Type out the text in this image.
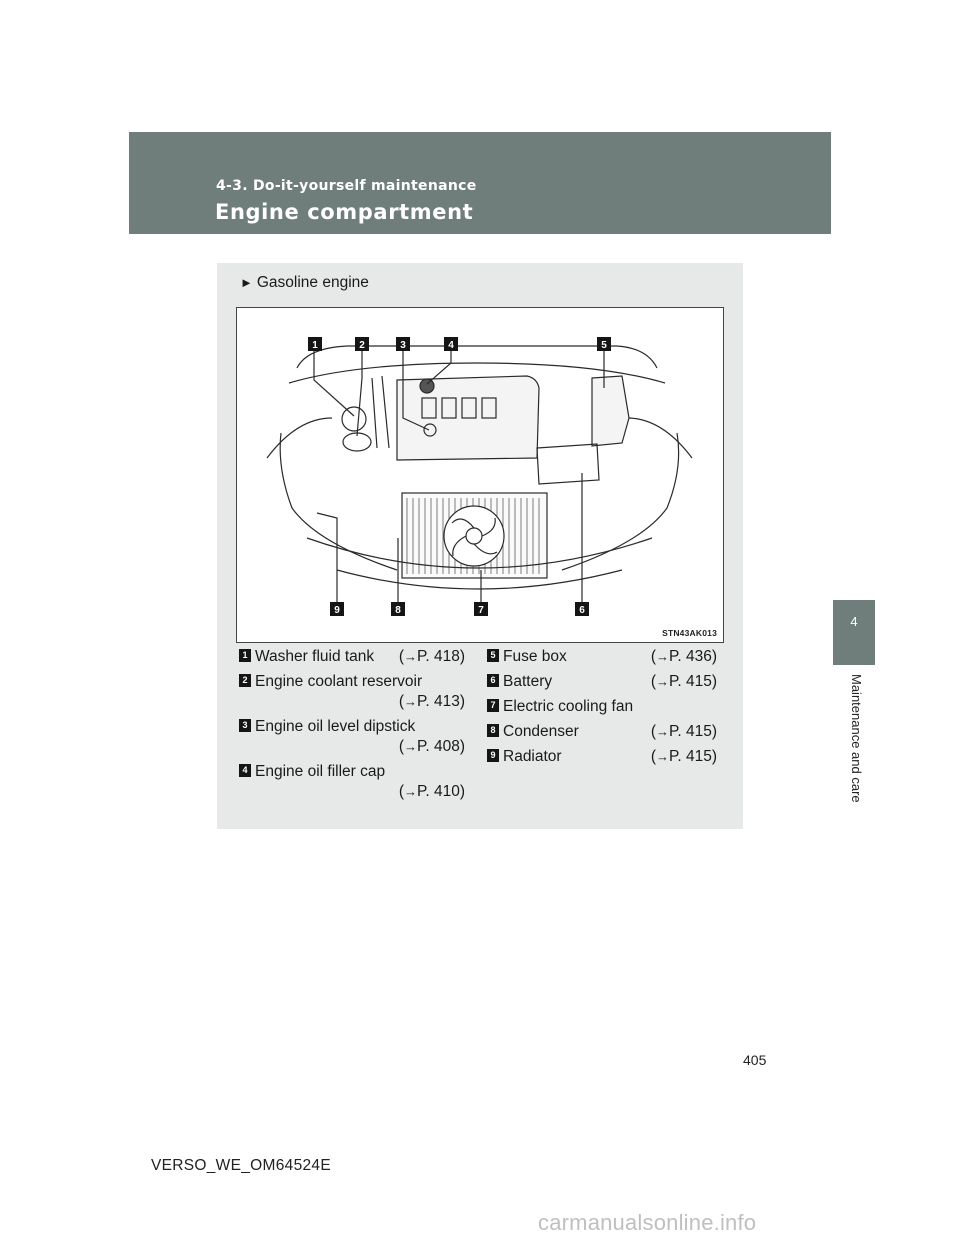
4-3. Do-it-yourself maintenance
Engine compartment
4
Maintenance and care
► Gasoline engine
1	2	3	4	5
6
7
8
9
STN43AK013
1 Washer fluid tank (→P. 418)
2 Engine coolant reservoir
(→P. 413)
3 Engine oil level dipstick
(→P. 408)
4 Engine oil filler cap
(→P. 410)
5 Fuse box	(→P. 436)
6 Battery	(→P. 415)
7 Electric cooling fan
8 Condenser	(→P. 415)
9 Radiator	(→P. 415)
405
VERSO_WE_OM64524E
carmanualsonline.info
